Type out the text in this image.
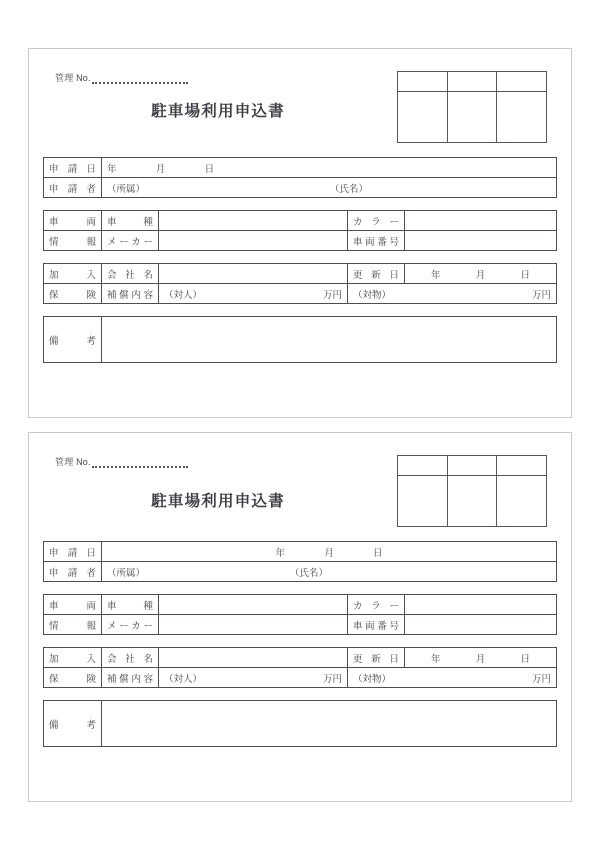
管理 No.
駐車場利用申込書
申請日	年 月 日
申請者	（所属） （氏名）
車　両	車　種		カ ラ ー	
情　報	メーカー		車両番号	
加　入	会 社 名		更新日	年 月 日
保　険	補償内容	（対人） 万円	（対物） 万円	
備　考	
管理 No.
駐車場利用申込書
申請日	年 月 日
申請者	（所属） （氏名）
車　両	車　種		カ ラ ー	
情　報	メーカー		車両番号	
加　入	会 社 名		更新日	年 月 日
保　険	補償内容	（対人） 万円	（対物） 万円	
備　考	
